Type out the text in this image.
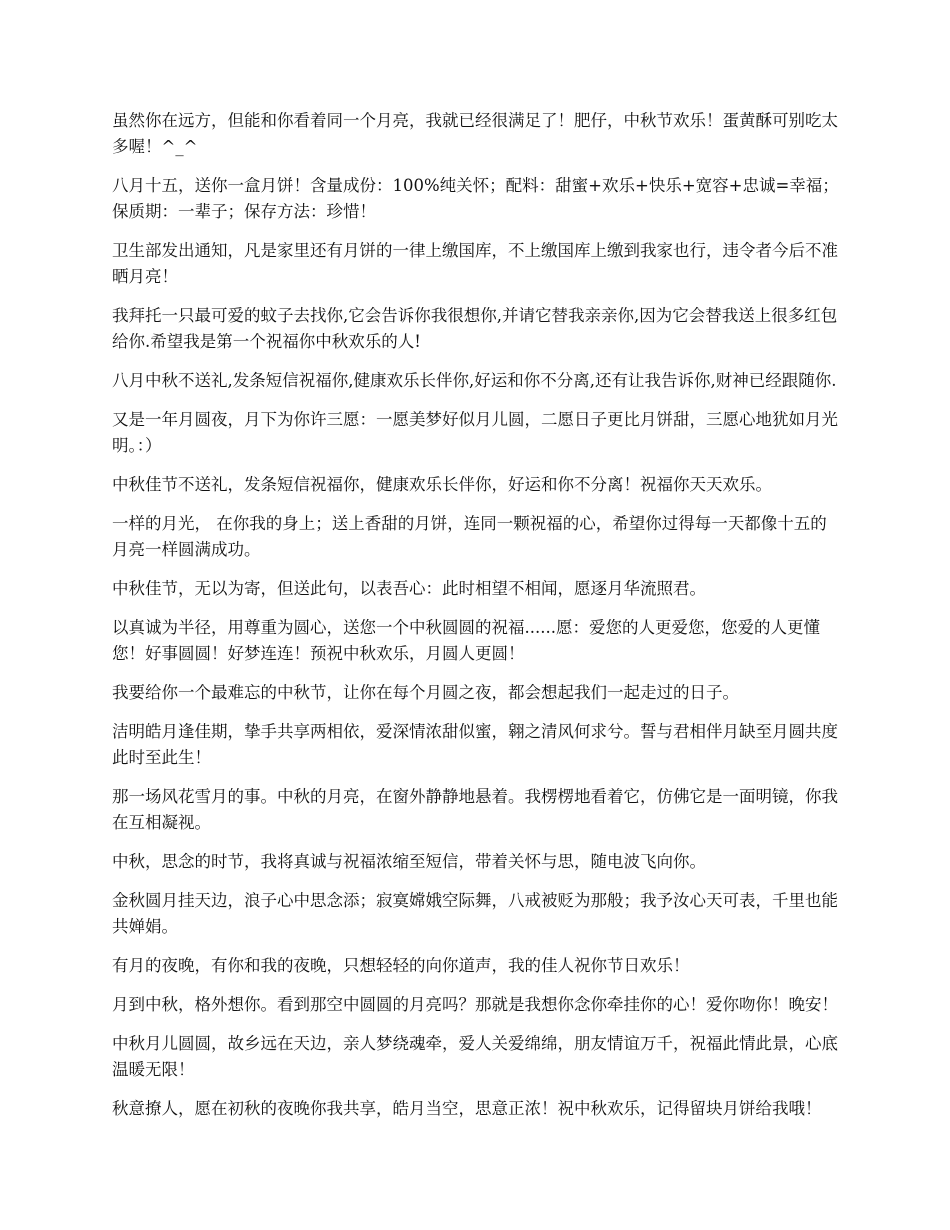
虽然你在远方，但能和你看着同一个月亮，我就已经很满足了！肥仔，中秋节欢乐！蛋黄酥可别吃太多喔！^_^

八月十五，送你一盒月饼！含量成份：100%纯关怀；配料：甜蜜+欢乐+快乐+宽容+忠诚=幸福；保质期：一辈子；保存方法：珍惜！

卫生部发出通知，凡是家里还有月饼的一律上缴国库，不上缴国库上缴到我家也行，违令者今后不准晒月亮！

我拜托一只最可爱的蚊子去找你,它会告诉你我很想你,并请它替我亲亲你,因为它会替我送上很多红包给你.希望我是第一个祝福你中秋欢乐的人!

八月中秋不送礼,发条短信祝福你,健康欢乐长伴你,好运和你不分离,还有让我告诉你,财神已经跟随你.

又是一年月圆夜，月下为你许三愿：一愿美梦好似月儿圆，二愿日子更比月饼甜，三愿心地犹如月光明。：）

中秋佳节不送礼，发条短信祝福你，健康欢乐长伴你，好运和你不分离！祝福你天天欢乐。

一样的月光， 在你我的身上；送上香甜的月饼，连同一颗祝福的心，希望你过得每一天都像十五的月亮一样圆满成功。

中秋佳节，无以为寄，但送此句，以表吾心：此时相望不相闻，愿逐月华流照君。

以真诚为半径，用尊重为圆心，送您一个中秋圆圆的祝福......愿：爱您的人更爱您，您爱的人更懂您！好事圆圆！好梦连连！预祝中秋欢乐，月圆人更圆！

我要给你一个最难忘的中秋节，让你在每个月圆之夜，都会想起我们一起走过的日子。

洁明皓月逢佳期，挚手共享两相依，爱深情浓甜似蜜，翱之清风何求兮。誓与君相伴月缺至月圆共度此时至此生！

那一场风花雪月的事。中秋的月亮，在窗外静静地悬着。我楞楞地看着它，仿佛它是一面明镜，你我在互相凝视。

中秋，思念的时节，我将真诚与祝福浓缩至短信，带着关怀与思，随电波飞向你。

金秋圆月挂天边，浪子心中思念添；寂寞嫦娥空际舞，八戒被贬为那般；我予汝心天可表，千里也能共婵娟。

有月的夜晚，有你和我的夜晚，只想轻轻的向你道声，我的佳人祝你节日欢乐！

月到中秋，格外想你。看到那空中圆圆的月亮吗？那就是我想你念你牵挂你的心！爱你吻你！晚安！

中秋月儿圆圆，故乡远在天边，亲人梦绕魂牵，爱人关爱绵绵，朋友情谊万千，祝福此情此景，心底温暖无限！

秋意撩人，愿在初秋的夜晚你我共享，皓月当空，思意正浓！祝中秋欢乐，记得留块月饼给我哦！
